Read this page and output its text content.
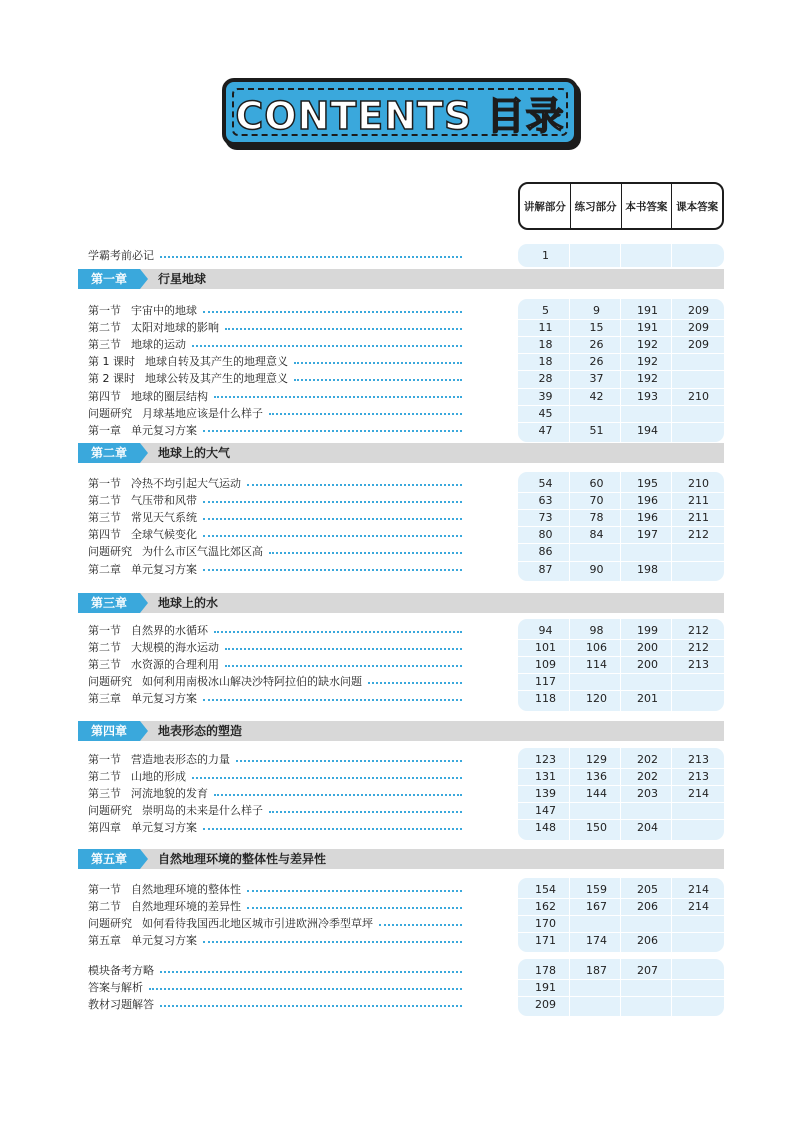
CONTENTS 目录
讲解部分 练习部分 本书答案 课本答案
学霸考前必记	1
第一章	行星地球
第一节 宇宙中的地球	5	9	191	209
第二节 太阳对地球的影响	11	15	191	209
第三节 地球的运动	18	26	192	209
第 1 课时 地球自转及其产生的地理意义	18	26	192
第 2 课时 地球公转及其产生的地理意义	28	37	192
第四节 地球的圈层结构	39	42	193	210
问题研究 月球基地应该是什么样子	45
第一章 单元复习方案	47	51	194
第二章	地球上的大气
第一节 冷热不均引起大气运动	54	60	195	210
第二节 气压带和风带	63	70	196	211
第三节 常见天气系统	73	78	196	211
第四节 全球气候变化	80	84	197	212
问题研究 为什么市区气温比郊区高	86
第二章 单元复习方案	87	90	198
第三章	地球上的水
第一节 自然界的水循环	94	98	199	212
第二节 大规模的海水运动	101	106	200	212
第三节 水资源的合理利用	109	114	200	213
问题研究 如何利用南极冰山解决沙特阿拉伯的缺水问题	117
第三章 单元复习方案	118	120	201
第四章	地表形态的塑造
第一节 营造地表形态的力量	123	129	202	213
第二节 山地的形成	131	136	202	213
第三节 河流地貌的发育	139	144	203	214
问题研究 崇明岛的未来是什么样子	147
第四章 单元复习方案	148	150	204
第五章	自然地理环境的整体性与差异性
第一节 自然地理环境的整体性	154	159	205	214
第二节 自然地理环境的差异性	162	167	206	214
问题研究 如何看待我国西北地区城市引进欧洲冷季型草坪	170
第五章 单元复习方案	171	174	206
模块备考方略	178	187	207
答案与解析	191
教材习题解答	209
